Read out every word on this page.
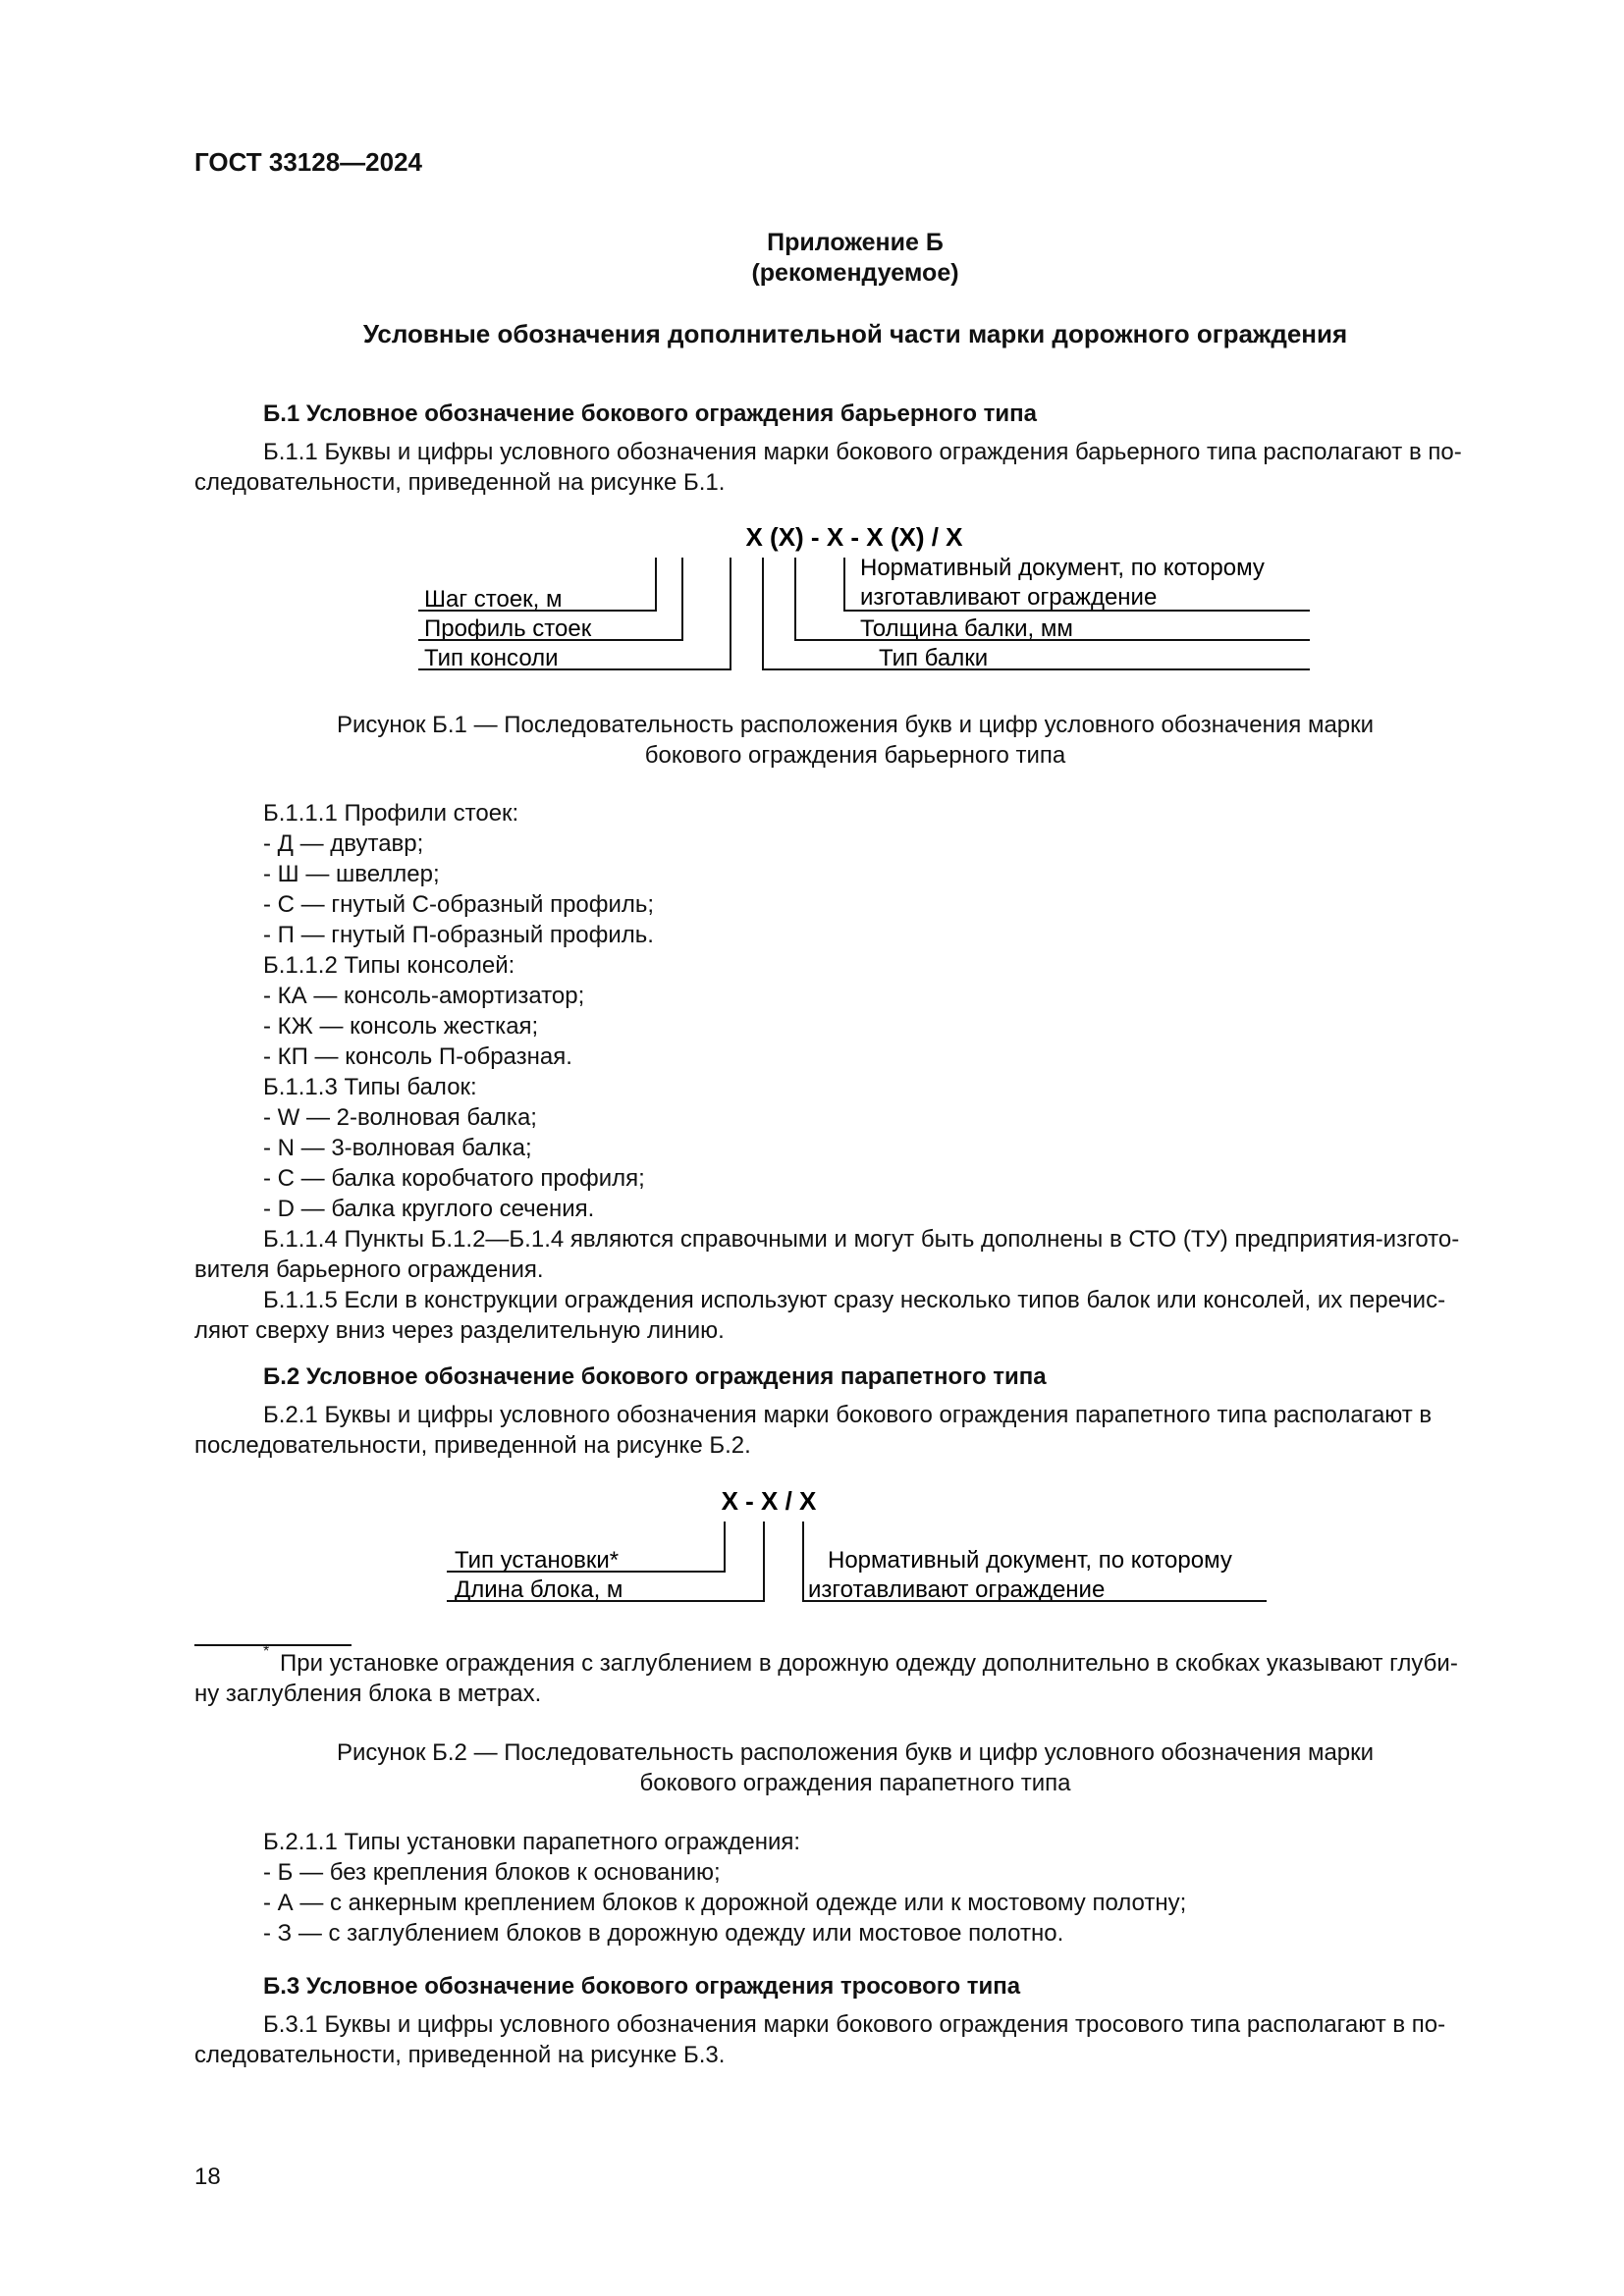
ГОСТ 33128—2024
Приложение Б
(рекомендуемое)
Условные обозначения дополнительной части марки дорожного ограждения
Б.1 Условное обозначение бокового ограждения барьерного типа
Б.1.1 Буквы и цифры условного обозначения марки бокового ограждения барьерного типа располагают в по-
следовательности, приведенной на рисунке Б.1.
X (X) - X - X (X) / X
Шаг стоек, м
Профиль стоек
Тип консоли
Нормативный документ, по которому
изготавливают ограждение
Толщина балки, мм
Тип балки
Рисунок Б.1 — Последовательность расположения букв и цифр условного обозначения марки
бокового ограждения барьерного типа
Б.1.1.1 Профили стоек:
- Д — двутавр;
- Ш — швеллер;
- С — гнутый С-образный профиль;
- П — гнутый П-образный профиль.
Б.1.1.2 Типы консолей:
- КА — консоль-амортизатор;
- КЖ — консоль жесткая;
- КП — консоль П-образная.
Б.1.1.3 Типы балок:
- W — 2-волновая балка;
- N — 3-волновая балка;
- C — балка коробчатого профиля;
- D — балка круглого сечения.
Б.1.1.4 Пункты Б.1.2—Б.1.4 являются справочными и могут быть дополнены в СТО (ТУ) предприятия-изгото-
вителя барьерного ограждения.
Б.1.1.5 Если в конструкции ограждения используют сразу несколько типов балок или консолей, их перечис-
ляют сверху вниз через разделительную линию.
Б.2 Условное обозначение бокового ограждения парапетного типа
Б.2.1 Буквы и цифры условного обозначения марки бокового ограждения парапетного типа располагают в
последовательности, приведенной на рисунке Б.2.
X - X / X
Тип установки*
Длина блока, м
Нормативный документ, по которому
изготавливают ограждение
* При установке ограждения с заглублением в дорожную одежду дополнительно в скобках указывают глуби-
ну заглубления блока в метрах.
Рисунок Б.2 — Последовательность расположения букв и цифр условного обозначения марки
бокового ограждения парапетного типа
Б.2.1.1 Типы установки парапетного ограждения:
- Б — без крепления блоков к основанию;
- А — с анкерным креплением блоков к дорожной одежде или к мостовому полотну;
- З — с заглублением блоков в дорожную одежду или мостовое полотно.
Б.3 Условное обозначение бокового ограждения тросового типа
Б.3.1 Буквы и цифры условного обозначения марки бокового ограждения тросового типа располагают в по-
следовательности, приведенной на рисунке Б.3.
18
